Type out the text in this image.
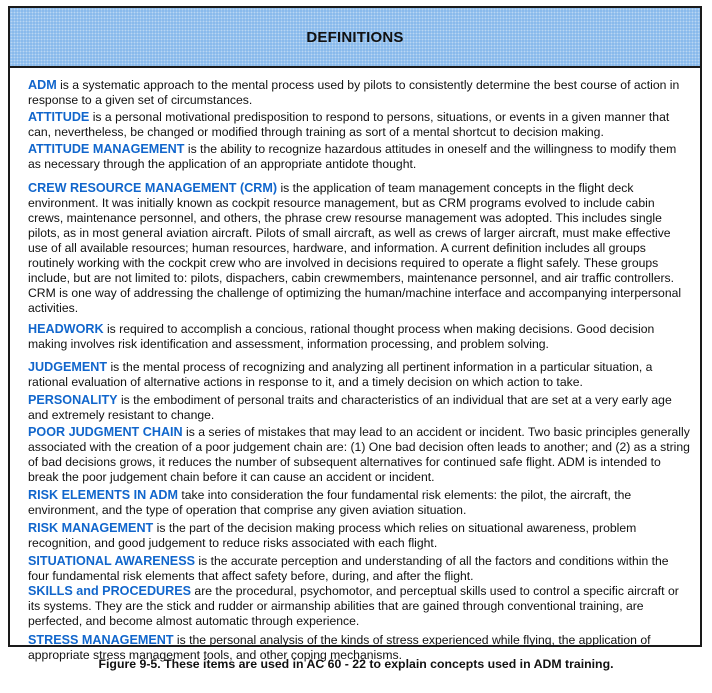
DEFINITIONS

ADM is a systematic approach to the mental process used by pilots to consistently determine the best course of action in response to a given set of circumstances.

ATTITUDE is a personal motivational predisposition to respond to persons, situations, or events in a given manner that can, nevertheless, be changed or modified through training as sort of a mental shortcut to decision making.

ATTITUDE MANAGEMENT is the ability to recognize hazardous attitudes in oneself and the willingness to modify them as necessary through the application of an appropriate antidote thought.

CREW RESOURCE MANAGEMENT (CRM) is the application of team management concepts in the flight deck environment. It was initially known as cockpit resource management, but as CRM programs evolved to include cabin crews, maintenance personnel, and others, the phrase crew resourse management was adopted. This includes single pilots, as in most general aviation aircraft. Pilots of small aircraft, as well as crews of larger aircraft, must make effective use of all available resources; human resources, hardware, and information. A current definition includes all groups routinely working with the cockpit crew who are involved in decisions required to operate a flight safely. These groups include, but are not limited to: pilots, dispachers, cabin crewmembers, maintenance personnel, and air traffic controllers. CRM is one way of addressing the challenge of optimizing the human/machine interface and accompanying interpersonal activities.

HEADWORK is required to accomplish a concious, rational thought process when making decisions. Good decision making involves risk identification and assessment, information processing, and problem solving.

JUDGEMENT is the mental process of recognizing and analyzing all pertinent information in a particular situation, a rational evaluation of alternative actions in response to it, and a timely decision on which action to take.

PERSONALITY is the embodiment of personal traits and characteristics of an individual that are set at a very early age and extremely resistant to change.

POOR JUDGMENT CHAIN is a series of mistakes that may lead to an accident or incident. Two basic principles generally associated with the creation of a poor judgement chain are: (1) One bad decision often leads to another; and (2) as a string of bad decisions grows, it reduces the number of subsequent alternatives for continued safe flight. ADM is intended to break the poor judgement chain before it can cause an accident or incident.

RISK ELEMENTS IN ADM take into consideration the four fundamental risk elements: the pilot, the aircraft, the environment, and the type of operation that comprise any given aviation situation.

RISK MANAGEMENT is the part of the decision making process which relies on situational awareness, problem recognition, and good judgement to reduce risks associated with each flight.

SITUATIONAL AWARENESS is the accurate perception and understanding of all the factors and conditions within the four fundamental risk elements that affect safety before, during, and after the flight.

SKILLS and PROCEDURES are the procedural, psychomotor, and perceptual skills used to control a specific aircraft or its systems. They are the stick and rudder or airmanship abilities that are gained through conventional training, are perfected, and become almost automatic through experience.

STRESS MANAGEMENT is the personal analysis of the kinds of stress experienced while flying, the application of appropriate stress management tools, and other coping mechanisms.

Figure 9-5. These items are used in AC 60 - 22 to explain concepts used in ADM training.
